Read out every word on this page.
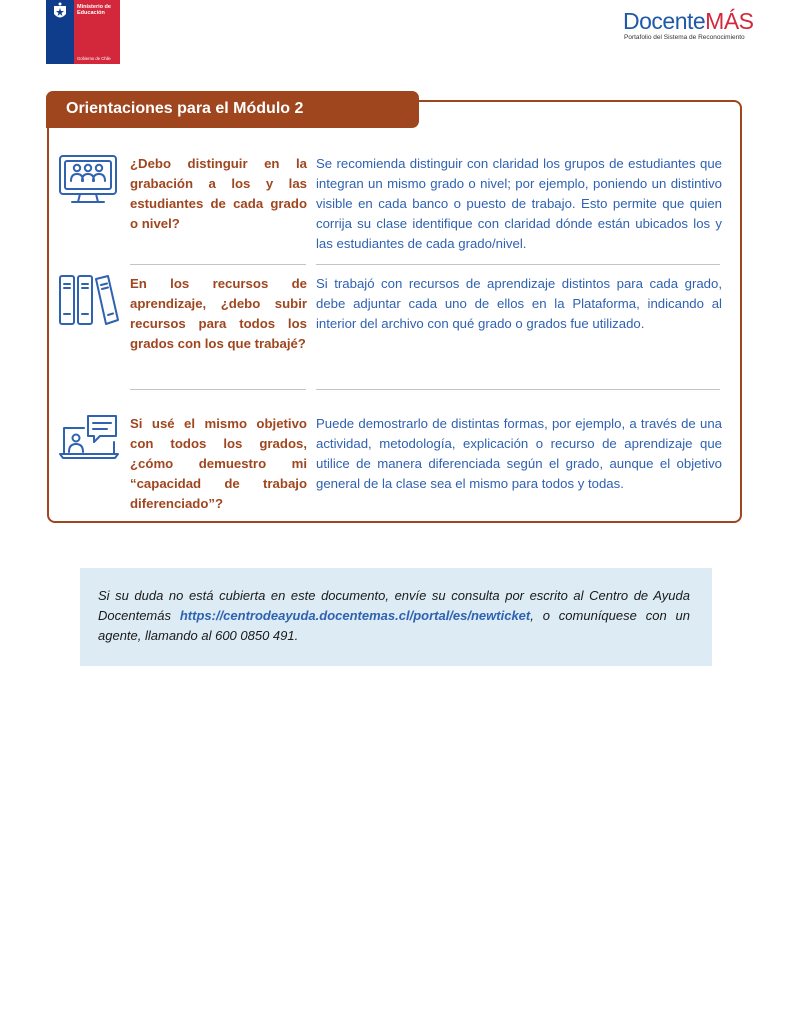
Ministerio de
Educación
Gobierno de Chile
DocenteMÁS
Portafolio del Sistema de Reconocimiento
Orientaciones para el Módulo 2

¿Debo distinguir en la grabación a los y las estudiantes de cada grado o nivel?

Se recomienda distinguir con claridad los grupos de estudiantes que integran un mismo grado o nivel; por ejemplo, poniendo un distintivo visible en cada banco o puesto de trabajo. Esto permite que quien corrija su clase identifique con claridad dónde están ubicados los y las estudiantes de cada grado/nivel.

En los recursos de aprendizaje, ¿debo subir recursos para todos los grados con los que trabajé?

Si trabajó con recursos de aprendizaje distintos para cada grado, debe adjuntar cada uno de ellos en la Plataforma, indicando al interior del archivo con qué grado o grados fue utilizado.

Si usé el mismo objetivo con todos los grados, ¿cómo demuestro mi “capacidad de trabajo diferenciado”?

Puede demostrarlo de distintas formas, por ejemplo, a través de una actividad, metodología, explicación o recurso de aprendizaje que utilice de manera diferenciada según el grado, aunque el objetivo general de la clase sea el mismo para todos y todas.

Si su duda no está cubierta en este documento, envíe su consulta por escrito al Centro de Ayuda Docentemás https://centrodeayuda.docentemas.cl/portal/es/newticket, o comuníquese con un agente, llamando al 600 0850 491.
